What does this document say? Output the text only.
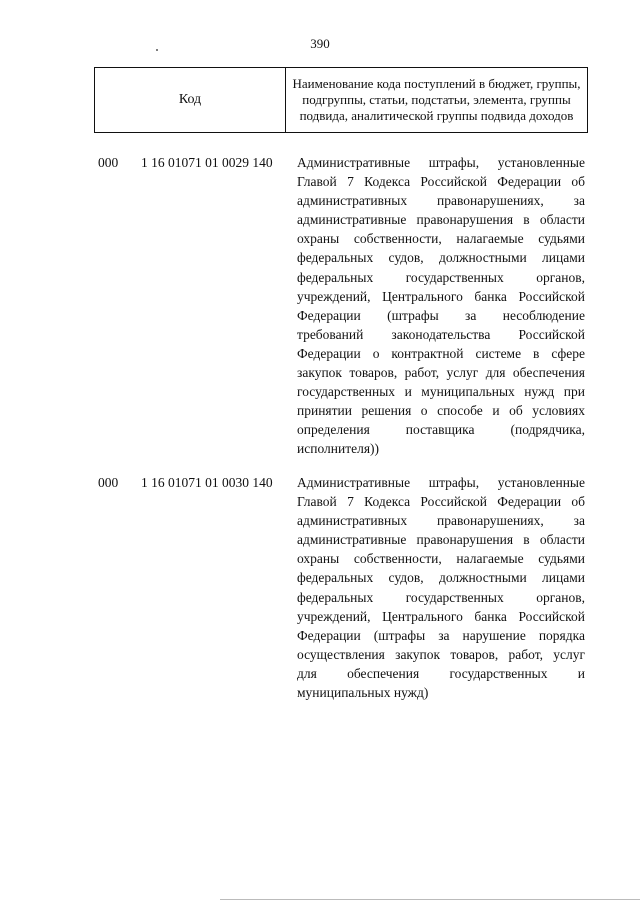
390
Код
Наименование кода поступлений в бюджет, группы, подгруппы, статьи, подстатьи, элемента, группы подвида, аналитической группы подвида доходов
000 1 16 01071 01 0029 140 Административные штрафы, установленные
Главой 7 Кодекса Российской Федерации об
административных правонарушениях, за
административные правонарушения в области
охраны собственности, налагаемые судьями
федеральных судов, должностными лицами
федеральных государственных органов,
учреждений, Центрального банка Российской
Федерации (штрафы за несоблюдение
требований законодательства Российской
Федерации о контрактной системе в сфере
закупок товаров, работ, услуг для обеспечения
государственных и муниципальных нужд при
принятии решения о способе и об условиях
определения поставщика (подрядчика,
исполнителя))
000 1 16 01071 01 0030 140 Административные штрафы, установленные
Главой 7 Кодекса Российской Федерации об
административных правонарушениях, за
административные правонарушения в области
охраны собственности, налагаемые судьями
федеральных судов, должностными лицами
федеральных государственных органов,
учреждений, Центрального банка Российской
Федерации (штрафы за нарушение порядка
осуществления закупок товаров, работ, услуг
для обеспечения государственных и
муниципальных нужд)
